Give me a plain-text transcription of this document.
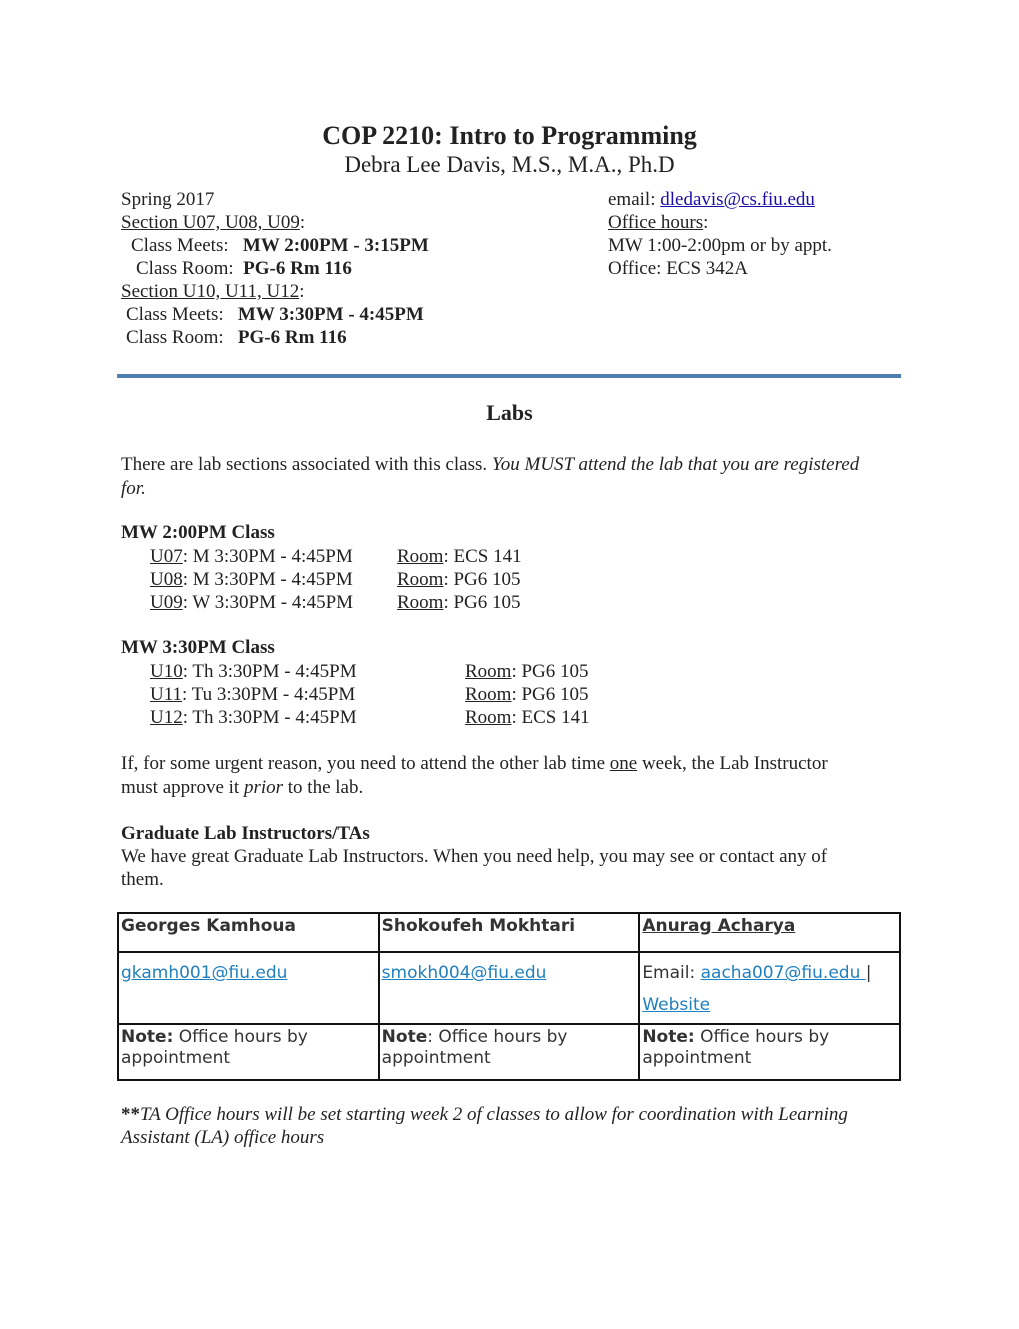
COP 2210: Intro to Programming
Debra Lee Davis, M.S., M.A., Ph.D
Spring 2017
Section U07, U08, U09:
Class Meets: MW 2:00PM - 3:15PM
Class Room: PG-6 Rm 116
Section U10, U11, U12:
Class Meets: MW 3:30PM - 4:45PM
Class Room: PG-6 Rm 116
email: dledavis@cs.fiu.edu
Office hours:
MW 1:00-2:00pm or by appt.
Office: ECS 342A
Labs
There are lab sections associated with this class. You MUST attend the lab that you are registered
for.
MW 2:00PM Class
U07: M 3:30PM - 4:45PM Room: ECS 141
U08: M 3:30PM - 4:45PM Room: PG6 105
U09: W 3:30PM - 4:45PM Room: PG6 105
MW 3:30PM Class
U10: Th 3:30PM - 4:45PM	Room: PG6 105
U11: Tu 3:30PM - 4:45PM	Room: PG6 105
U12: Th 3:30PM - 4:45PM	Room: ECS 141
If, for some urgent reason, you need to attend the other lab time one week, the Lab Instructor
must approve it prior to the lab.
Graduate Lab Instructors/TAs
We have great Graduate Lab Instructors. When you need help, you may see or contact any of
them.
Georges Kamhoua	Shokoufeh Mokhtari	Anurag Acharya
gkamh001@fiu.edu	smokh004@fiu.edu	Email: aacha007@fiu.edu |
Website
Note: Office hours by appointment	Note: Office hours by appointment	Note: Office hours by appointment
**TA Office hours will be set starting week 2 of classes to allow for coordination with Learning
Assistant (LA) office hours
